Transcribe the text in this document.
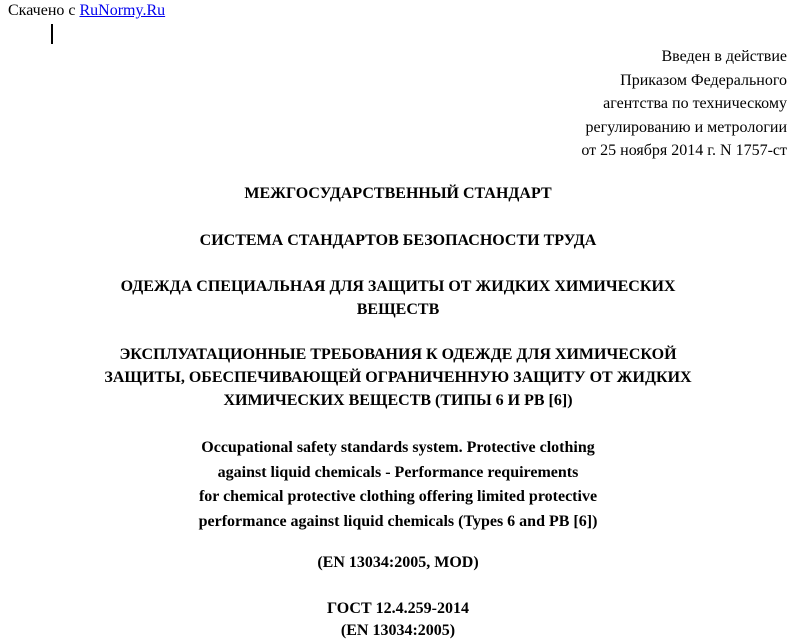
Скачено с RuNormy.Ru
Введен в действие
Приказом Федерального
агентства по техническому
регулированию и метрологии
от 25 ноября 2014 г. N 1757-ст
МЕЖГОСУДАРСТВЕННЫЙ СТАНДАРТ
СИСТЕМА СТАНДАРТОВ БЕЗОПАСНОСТИ ТРУДА
ОДЕЖДА СПЕЦИАЛЬНАЯ ДЛЯ ЗАЩИТЫ ОТ ЖИДКИХ ХИМИЧЕСКИХ
ВЕЩЕСТВ
ЭКСПЛУАТАЦИОННЫЕ ТРЕБОВАНИЯ К ОДЕЖДЕ ДЛЯ ХИМИЧЕСКОЙ
ЗАЩИТЫ, ОБЕСПЕЧИВАЮЩЕЙ ОГРАНИЧЕННУЮ ЗАЩИТУ ОТ ЖИДКИХ
ХИМИЧЕСКИХ ВЕЩЕСТВ (ТИПЫ 6 И PB [6])
Occupational safety standards system. Protective clothing
against liquid chemicals - Performance requirements
for chemical protective clothing offering limited protective
performance against liquid chemicals (Types 6 and PB [6])
(EN 13034:2005, MOD)
ГОСТ 12.4.259-2014
(EN 13034:2005)
